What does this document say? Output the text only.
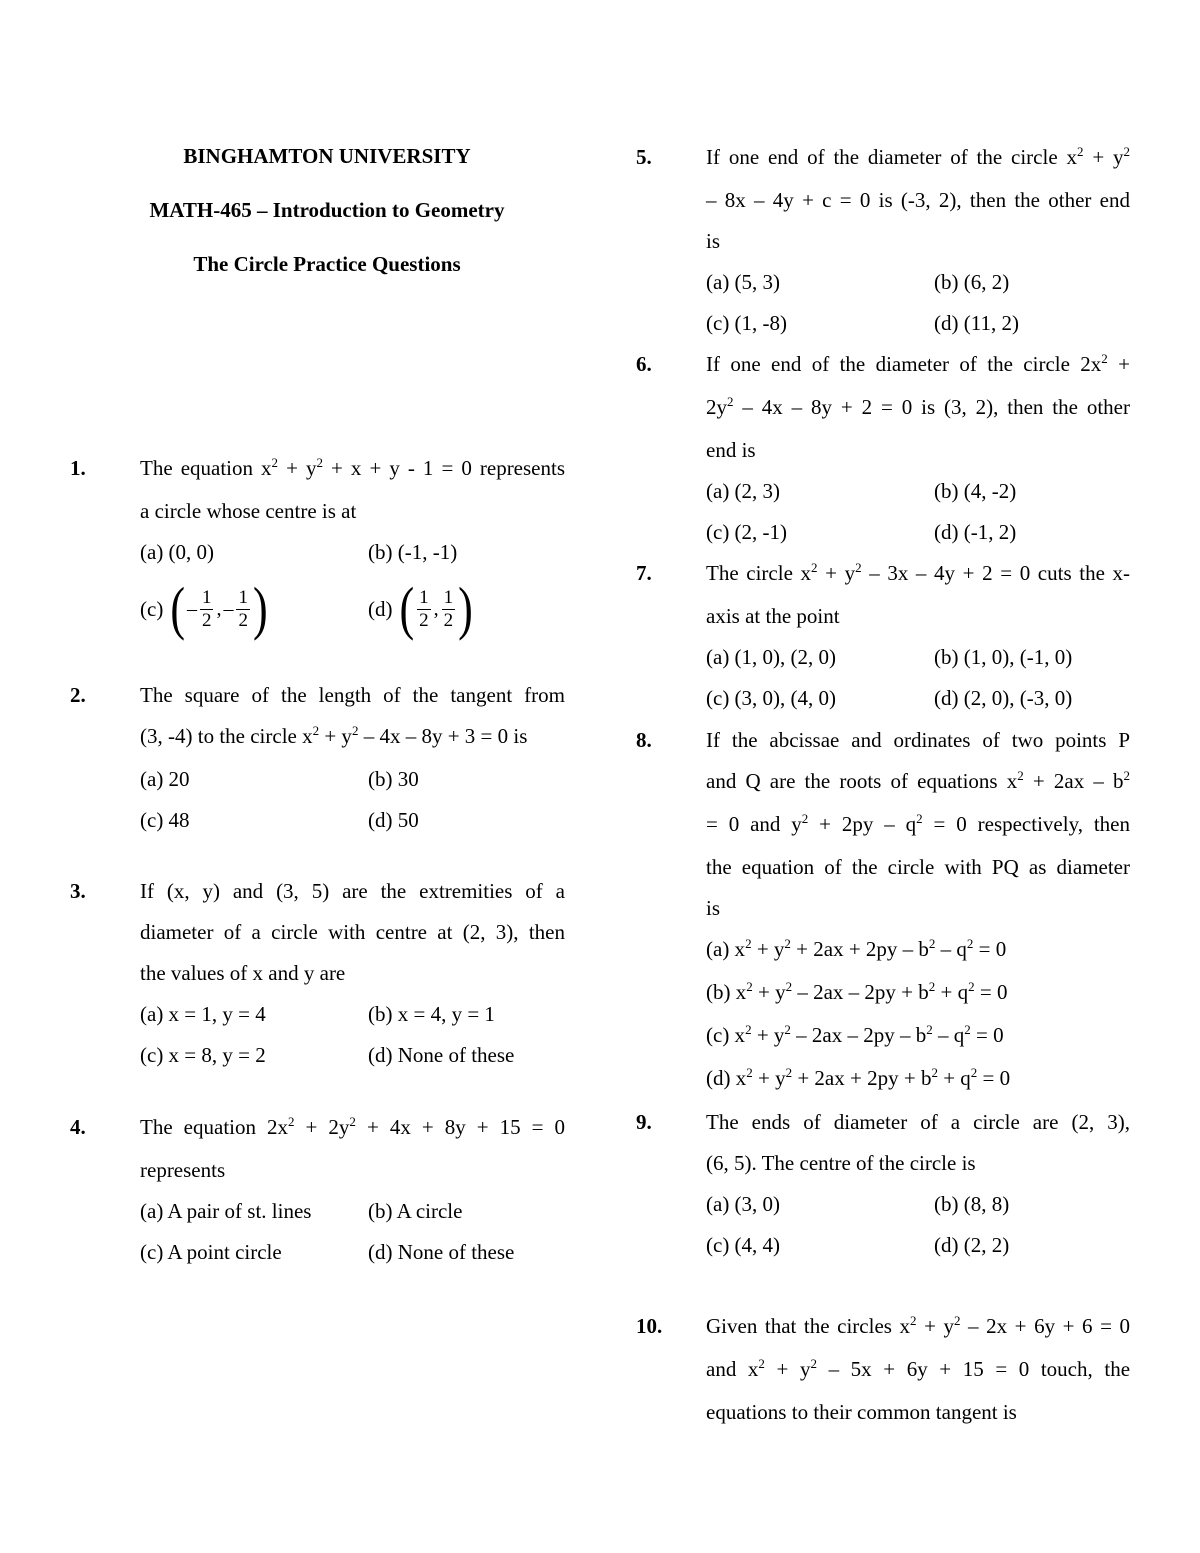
BINGHAMTON UNIVERSITY
MATH-465 – Introduction to Geometry
The Circle Practice Questions
1.	The equation $x^2 + y^2 + x + y - 1 = 0$ represents
a circle whose centre is at
(a) (0, 0)	(b) (-1, -1)
(c) ( – $\frac{1}{2}$ , – $\frac{1}{2}$ )	(d) ( $\frac{1}{2}$ , $\frac{1}{2}$ )
2.	The square of the length of the tangent from
(3, -4) to the circle $x^2 + y^2 - 4x - 8y + 3 = 0$ is
(a) 20	(b) 30
(c) 48	(d) 50
3.	If (x, y) and (3, 5) are the extremities of a
diameter of a circle with centre at (2, 3), then
the values of x and y are
(a) x = 1, y = 4	(b) x = 4, y = 1
(c) x = 8, y = 2	(d) None of these
4.	The equation $2x^2 + 2y^2 + 4x + 8y + 15 = 0$
represents
(a) A pair of st. lines	(b) A circle
(c) A point circle	(d) None of these
5.	If one end of the diameter of the circle $x^2 + y^2$
– 8x – 4y + c = 0 is (-3, 2), then the other end
is
(a) (5, 3)	(b) (6, 2)
(c) (1, -8)	(d) (11, 2)
6.	If one end of the diameter of the circle $2x^2$ +
$2y^2 - 4x - 8y + 2 = 0$ is (3, 2), then the other
end is
(a) (2, 3)	(b) (4, -2)
(c) (2, -1)	(d) (-1, 2)
7.	The circle $x^2 + y^2 - 3x - 4y + 2 = 0$ cuts the x-
axis at the point
(a) (1, 0), (2, 0)	(b) (1, 0), (-1, 0)
(c) (3, 0), (4, 0)	(d) (2, 0), (-3, 0)
8.	If the abcissae and ordinates of two points P
and Q are the roots of equations $x^2 + 2ax - b^2$
= 0 and $y^2 + 2py - q^2 = 0$ respectively, then
the equation of the circle with PQ as diameter
is
(a) $x^2 + y^2 + 2ax + 2py - b^2 - q^2 = 0$
(b) $x^2 + y^2 - 2ax - 2py + b^2 + q^2 = 0$
(c) $x^2 + y^2 - 2ax - 2py - b^2 - q^2 = 0$
(d) $x^2 + y^2 + 2ax + 2py + b^2 + q^2 = 0$
9.	The ends of diameter of a circle are (2, 3),
(6, 5). The centre of the circle is
(a) (3, 0)	(b) (8, 8)
(c) (4, 4)	(d) (2, 2)
10.	Given that the circles $x^2 + y^2 - 2x + 6y + 6 = 0$
and $x^2 + y^2 - 5x + 6y + 15 = 0$ touch, the
equations to their common tangent is
